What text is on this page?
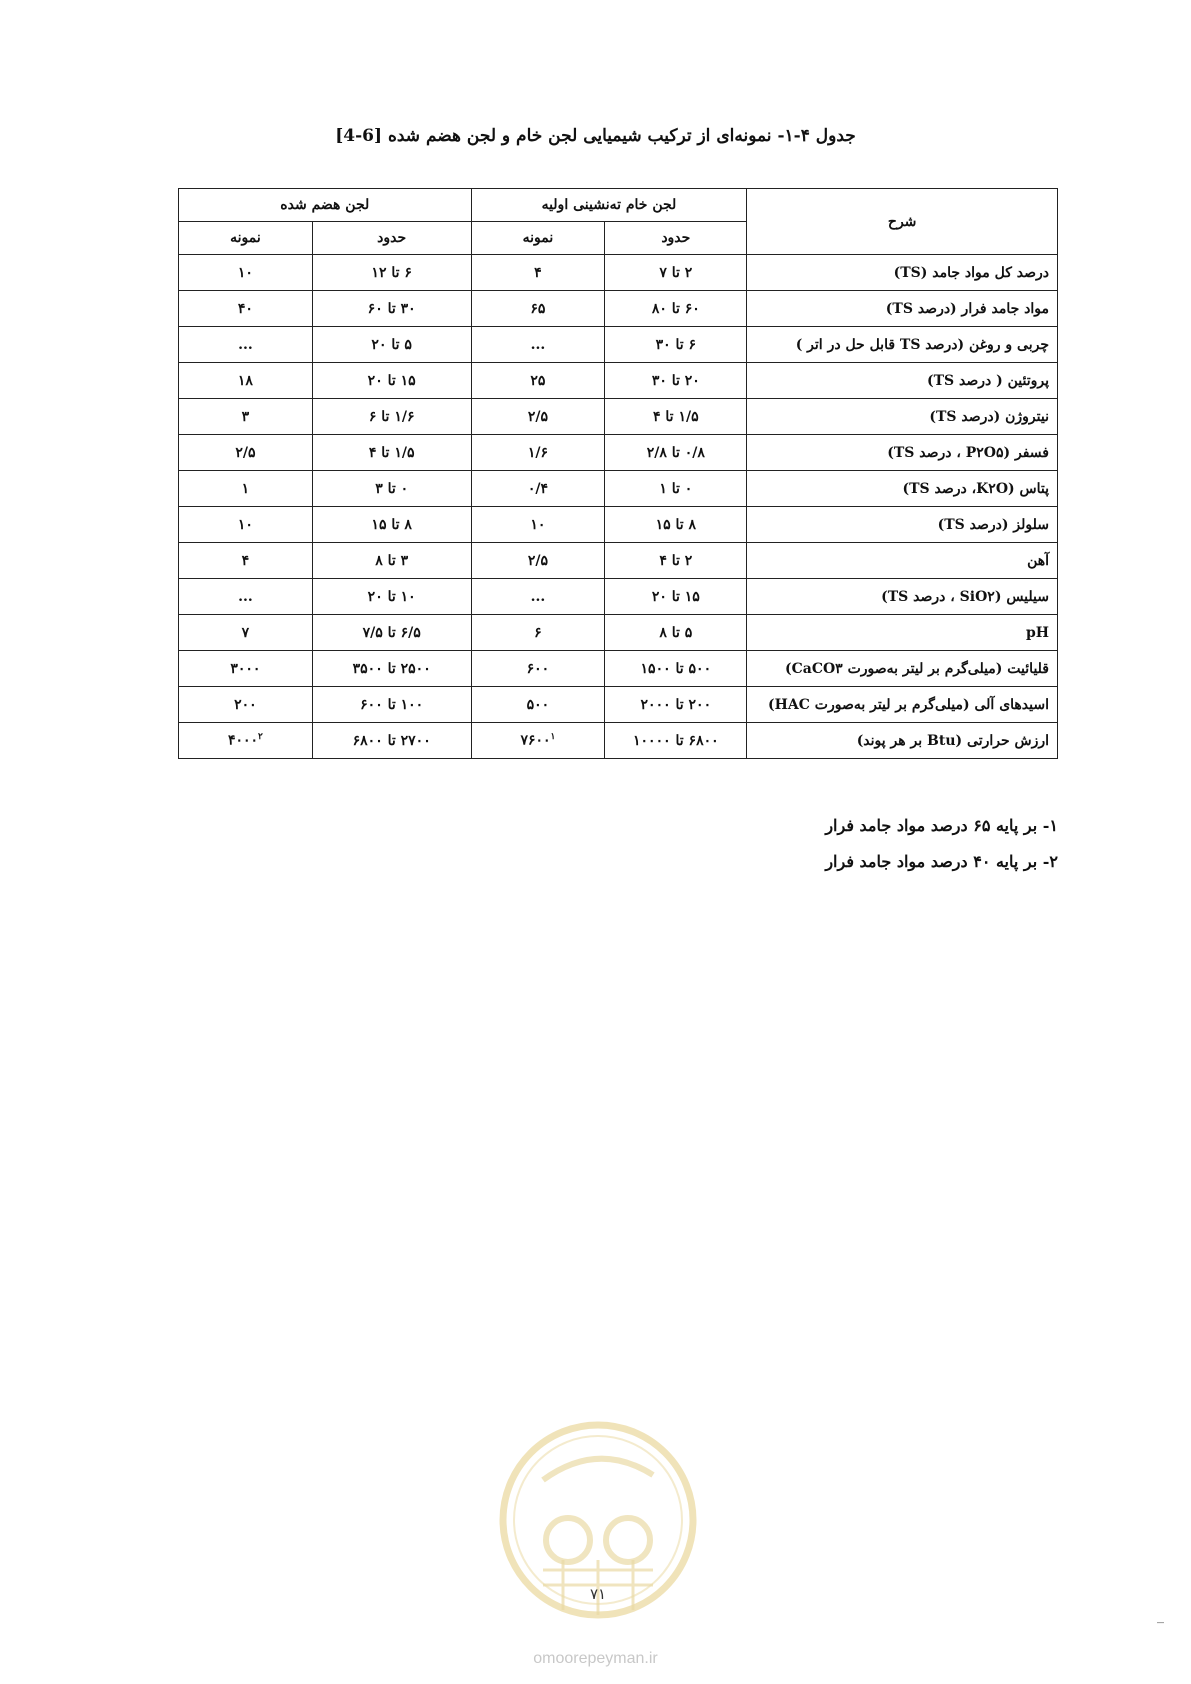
جدول ۴-۱- نمونه‌ای از ترکیب شیمیایی لجن خام و لجن هضم شده [6-4]
شرح	لجن خام ته‌نشینی اولیه		لجن هضم شده	
	حدود	نمونه	حدود	نمونه
درصد کل مواد جامد (TS)	۲ تا ۷	۴	۶ تا ۱۲	۱۰
مواد جامد فرار (درصد TS)	۶۰ تا ۸۰	۶۵	۳۰ تا ۶۰	۴۰
چربی و روغن (درصد TS قابل حل در اتر )	۶ تا ۳۰	...	۵ تا ۲۰	...
پروتئین ( درصد TS)	۲۰ تا ۳۰	۲۵	۱۵ تا ۲۰	۱۸
نیتروژن (درصد TS)	۱/۵ تا ۴	۲/۵	۱/۶ تا ۶	۳
فسفر (P۲O۵ ، درصد TS)	۰/۸ تا ۲/۸	۱/۶	۱/۵ تا ۴	۲/۵
پتاس (K۲O، درصد TS)	۰ تا ۱	۰/۴	۰ تا ۳	۱
سلولز (درصد TS)	۸ تا ۱۵	۱۰	۸ تا ۱۵	۱۰
آهن	۲ تا ۴	۲/۵	۳ تا ۸	۴
سیلیس (SiO۲ ، درصد TS)	۱۵ تا ۲۰	...	۱۰ تا ۲۰	...
pH	۵ تا ۸	۶	۶/۵ تا ۷/۵	۷
قلیائیت (میلی‌گرم بر لیتر به‌صورت CaCO۳)	۵۰۰ تا ۱۵۰۰	۶۰۰	۲۵۰۰ تا ۳۵۰۰	۳۰۰۰
اسیدهای آلی (میلی‌گرم بر لیتر به‌صورت HAC)	۲۰۰ تا ۲۰۰۰	۵۰۰	۱۰۰ تا ۶۰۰	۲۰۰
ارزش حرارتی (Btu بر هر پوند)	۶۸۰۰ تا ۱۰۰۰۰	۷۶۰۰$^۱$	۲۷۰۰ تا ۶۸۰۰	۴۰۰۰$^۲$
۱- بر پایه ۶۵ درصد مواد جامد فرار
۲- بر پایه ۴۰ درصد مواد جامد فرار
۷۱
omoorepeyman.ir
_
